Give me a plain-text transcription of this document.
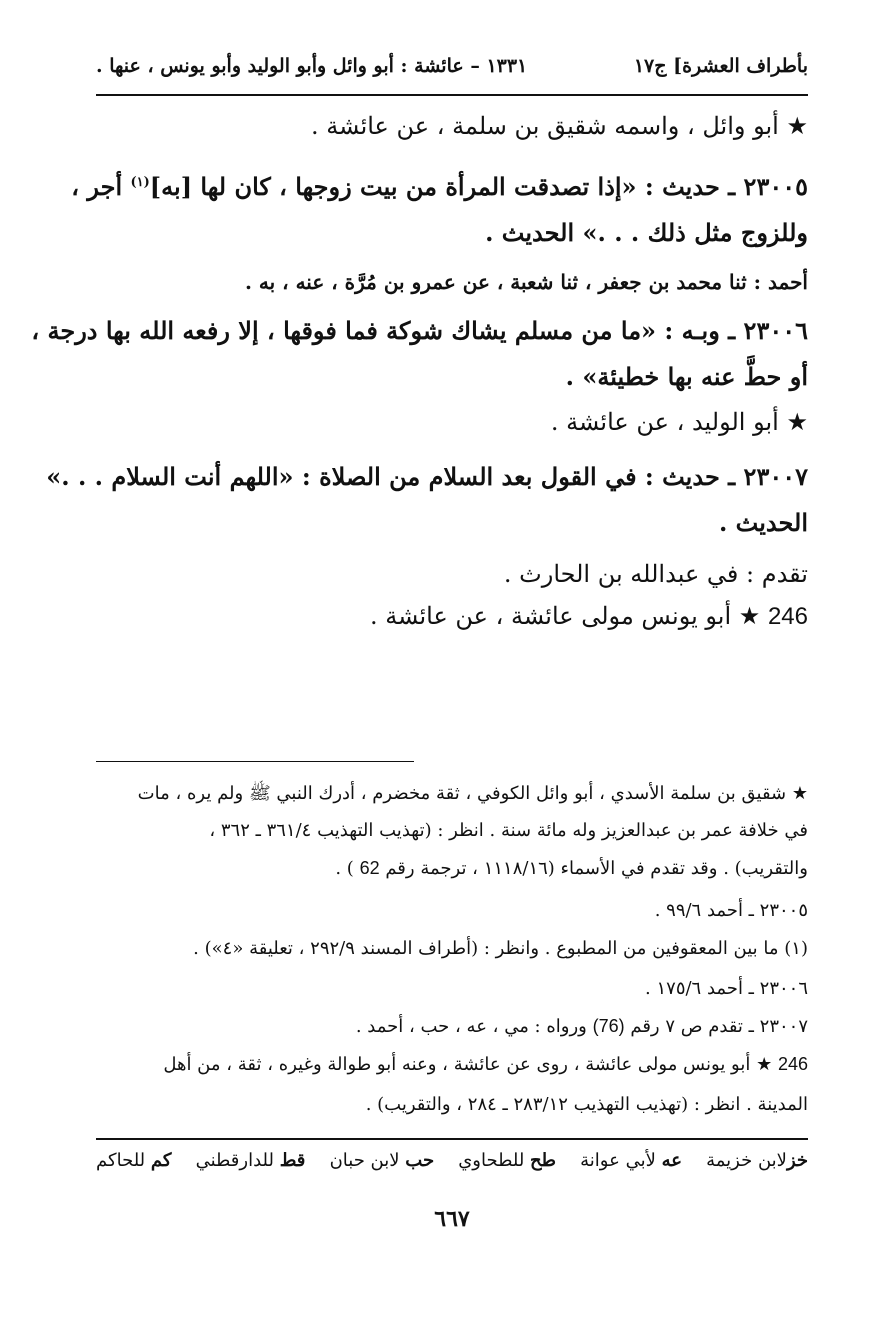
بأطراف العشرة] ج١٧
١٣٣١ – عائشة : أبو وائل وأبو الوليد وأبو يونس ، عنها .
★ أبو وائل ، واسمه شقيق بن سلمة ، عن عائشة .
٢٣٠٠٥ ـ حديث : «إذا تصدقت المرأة من بيت زوجها ، كان لها [به]$^{(١)}$ أجر ،
وللزوج مثل ذلك . . .» الحديث .
أحمد : ثنا محمد بن جعفر ، ثنا شعبة ، عن عمرو بن مُرَّة ، عنه ، به .
٢٣٠٠٦ ـ وبـه : «ما من مسلم يشاك شوكة فما فوقها ، إلا رفعه الله بها درجة ،
أو حطَّ عنه بها خطيئة» .
★ أبو الوليد ، عن عائشة .
٢٣٠٠٧ ـ حديث : في القول بعد السلام من الصلاة : «اللهم أنت السلام . . .»
الحديث .
تقدم : في عبدالله بن الحارث .
246 ★ أبو يونس مولى عائشة ، عن عائشة .
★ شقيق بن سلمة الأسدي ، أبو وائل الكوفي ، ثقة مخضرم ، أدرك النبي ﷺ ولم يره ، مات
في خلافة عمر بن عبدالعزيز وله مائة سنة . انظر : (تهذيب التهذيب ٣٦١/٤ ـ ٣٦٢ ،
والتقريب) . وقد تقدم في الأسماء (١١١٨/١٦ ، ترجمة رقم 62 ) .
٢٣٠٠٥ ـ أحمد ٩٩/٦ .
(١) ما بين المعقوفين من المطبوع . وانظر : (أطراف المسند ٢٩٢/٩ ، تعليقة «٤») .
٢٣٠٠٦ ـ أحمد ١٧٥/٦ .
٢٣٠٠٧ ـ تقدم ص ٧ رقم (76) ورواه : مي ، عه ، حب ، أحمد .
246 ★ أبو يونس مولى عائشة ، روى عن عائشة ، وعنه أبو طوالة وغيره ، ثقة ، من أهل
المدينة . انظر : (تهذيب التهذيب ٢٨٣/١٢ ـ ٢٨٤ ، والتقريب) .
خزلابن خزيمة
عه لأبي عوانة
طح للطحاوي
حب لابن حبان
قط للدارقطني
كم للحاكم
٦٦٧
